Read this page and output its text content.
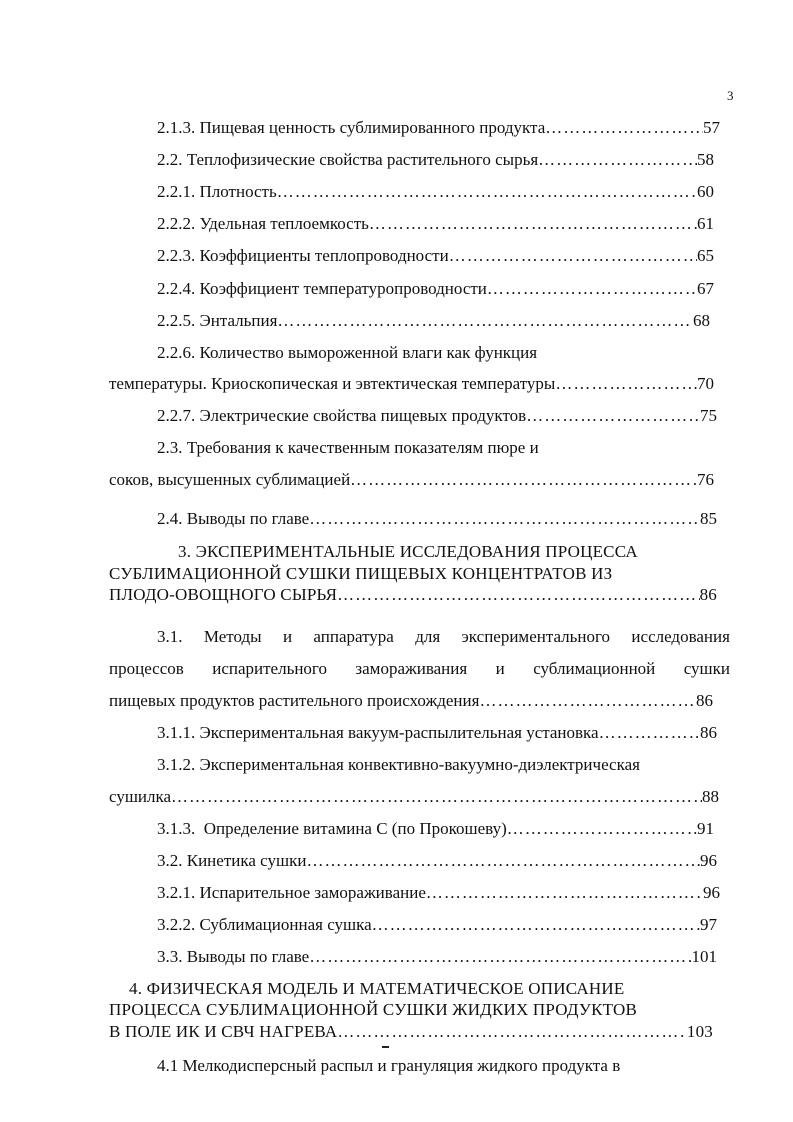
3
2.1.3. Пищевая ценность сублимированного продукта …………………………………………………………………………………………………………………………………………	57
2.2. Теплофизические свойства растительного сырья …………………………………………………………………………………………………………………………………………	58
2.2.1. Плотность …………………………………………………………………………………………………………………………………………	60
2.2.2. Удельная теплоемкость …………………………………………………………………………………………………………………………………………	61
2.2.3. Коэффициенты теплопроводности …………………………………………………………………………………………………………………………………………	65
2.2.4. Коэффициент температуропроводности …………………………………………………………………………………………………………………………………………	67
2.2.5. Энтальпия …………………………………………………………………………………………………………………………………………	68
2.2.6. Количество вымороженной влаги как функция
температуры. Криоскопическая и эвтектическая температуры …………………………………………………………………………………………………………………………………………	70
2.2.7. Электрические свойства пищевых продуктов …………………………………………………………………………………………………………………………………………	75
2.3. Требования к качественным показателям пюре и
соков, высушенных сублимацией …………………………………………………………………………………………………………………………………………	76
2.4. Выводы по главе …………………………………………………………………………………………………………………………………………	85
3. ЭКСПЕРИМЕНТАЛЬНЫЕ ИССЛЕДОВАНИЯ ПРОЦЕССА
СУБЛИМАЦИОННОЙ СУШКИ ПИЩЕВЫХ КОНЦЕНТРАТОВ ИЗ
ПЛОДО-ОВОЩНОГО СЫРЬЯ …………………………………………………………………………………………………………………………………………	86
3.1. Методы и аппаратура для экспериментального исследования
процессов испарительного замораживания и сублимационной сушки
пищевых продуктов растительного происхождения …………………………………………………………………………………………………………………………………………	86
3.1.1. Экспериментальная вакуум-распылительная установка …………………………………………………………………………………………………………………………………………	86
3.1.2. Экспериментальная конвективно-вакуумно-диэлектрическая
сушилка …………………………………………………………………………………………………………………………………………	88
3.1.3.  Определение витамина С (по Прокошеву) …………………………………………………………………………………………………………………………………………	91
3.2. Кинетика сушки …………………………………………………………………………………………………………………………………………	96
3.2.1. Испарительное замораживание …………………………………………………………………………………………………………………………………………	96
3.2.2. Сублимационная сушка …………………………………………………………………………………………………………………………………………	97
3.3. Выводы по главе …………………………………………………………………………………………………………………………………………	101
4. ФИЗИЧЕСКАЯ МОДЕЛЬ И МАТЕМАТИЧЕСКОЕ ОПИСАНИЕ
ПРОЦЕССА СУБЛИМАЦИОННОЙ СУШКИ ЖИДКИХ ПРОДУКТОВ
В ПОЛЕ ИК И СВЧ НАГРЕВА …………………………………………………………………………………………………………………………………………	103
4.1 Мелкодисперсный распыл и грануляция жидкого продукта в
